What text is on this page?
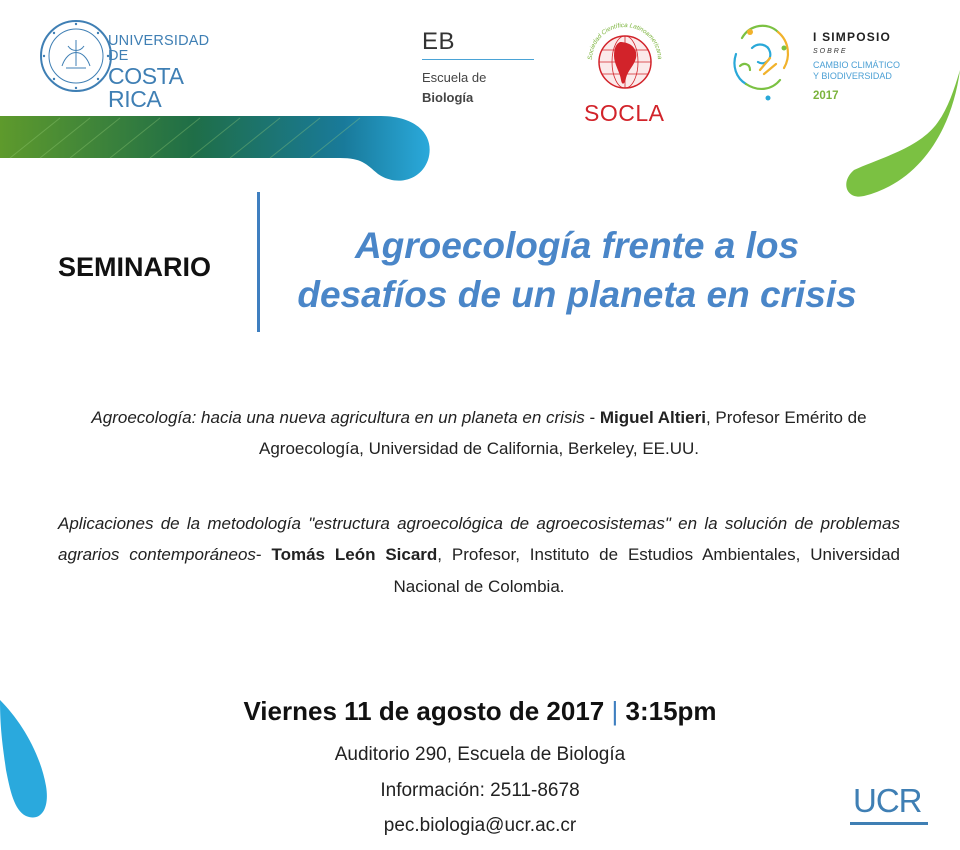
UNIVERSIDAD DE
COSTA RICA
EB
Escuela de
Biología
Sociedad Científica Latinoamericana
SOCLA
I SIMPOSIO
SOBRE
CAMBIO CLIMÁTICO
Y BIODIVERSIDAD
2017
SEMINARIO
Agroecología frente a los
desafíos de un planeta en crisis
Agroecología: hacia una nueva agricultura en un planeta en crisis - Miguel Altieri, Profesor Emérito de Agroecología, Universidad de California, Berkeley, EE.UU.
Aplicaciones de la metodología "estructura agroecológica de agroecosistemas" en la solución de problemas agrarios contemporáneos- Tomás León Sicard, Profesor, Instituto de Estudios Ambientales, Universidad Nacional de Colombia.
Viernes 11 de agosto de 2017 | 3:15pm
Auditorio 290, Escuela de Biología
Información: 2511-8678
pec.biologia@ucr.ac.cr
UCR
